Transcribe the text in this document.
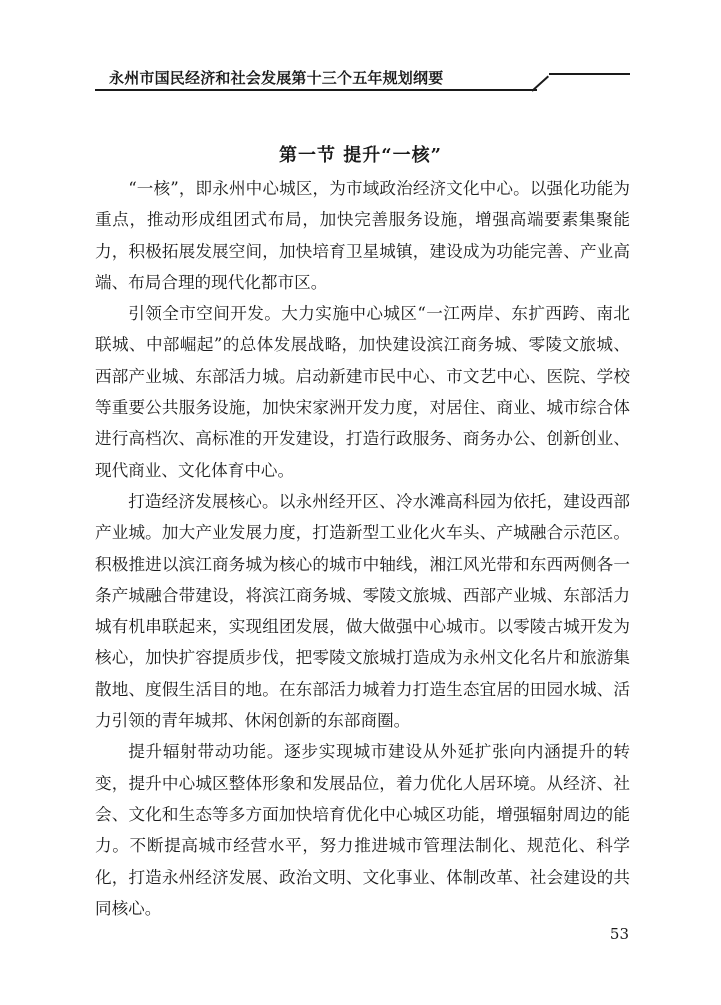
永州市国民经济和社会发展第十三个五年规划纲要
第一节 提升“一核”

“一核”，即永州中心城区，为市域政治经济文化中心。以强化功能为重点，推动形成组团式布局，加快完善服务设施，增强高端要素集聚能力，积极拓展发展空间，加快培育卫星城镇，建设成为功能完善、产业高端、布局合理的现代化都市区。

引领全市空间开发。大力实施中心城区“一江两岸、东扩西跨、南北联城、中部崛起”的总体发展战略，加快建设滨江商务城、零陵文旅城、西部产业城、东部活力城。启动新建市民中心、市文艺中心、医院、学校等重要公共服务设施，加快宋家洲开发力度，对居住、商业、城市综合体进行高档次、高标准的开发建设，打造行政服务、商务办公、创新创业、现代商业、文化体育中心。

打造经济发展核心。以永州经开区、冷水滩高科园为依托，建设西部产业城。加大产业发展力度，打造新型工业化火车头、产城融合示范区。积极推进以滨江商务城为核心的城市中轴线，湘江风光带和东西两侧各一条产城融合带建设，将滨江商务城、零陵文旅城、西部产业城、东部活力城有机串联起来，实现组团发展，做大做强中心城市。以零陵古城开发为核心，加快扩容提质步伐，把零陵文旅城打造成为永州文化名片和旅游集散地、度假生活目的地。在东部活力城着力打造生态宜居的田园水城、活力引领的青年城邦、休闲创新的东部商圈。

提升辐射带动功能。逐步实现城市建设从外延扩张向内涵提升的转变，提升中心城区整体形象和发展品位，着力优化人居环境。从经济、社会、文化和生态等多方面加快培育优化中心城区功能，增强辐射周边的能力。不断提高城市经营水平，努力推进城市管理法制化、规范化、科学化，打造永州经济发展、政治文明、文化事业、体制改革、社会建设的共同核心。

53
